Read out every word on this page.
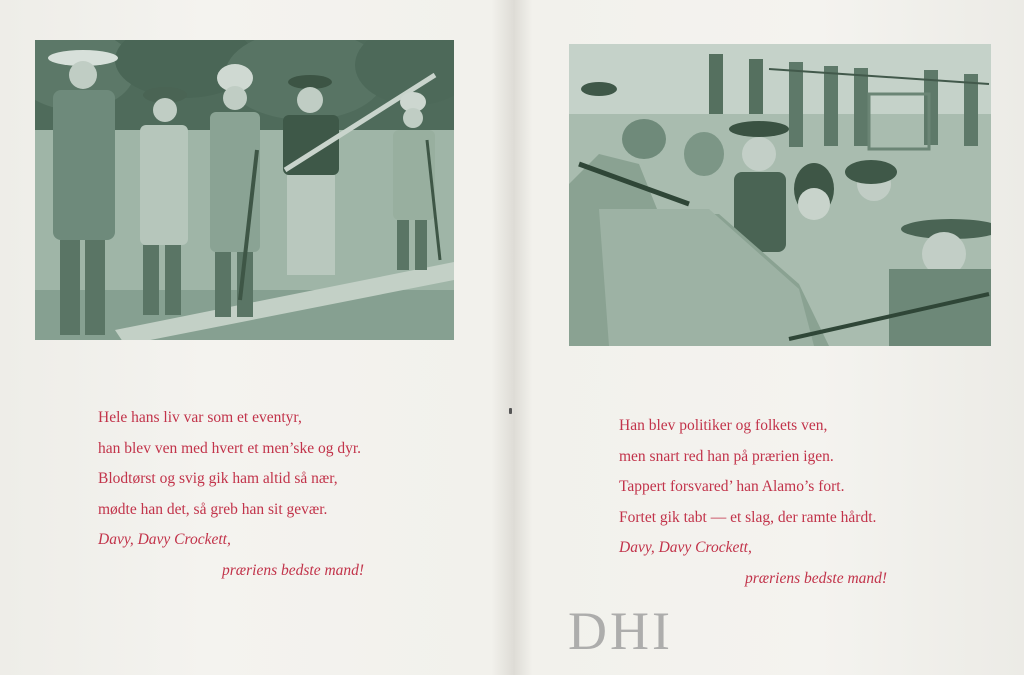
Hele hans liv var som et eventyr,
han blev ven med hvert et men’ske og dyr.
Blodtørst og svig gik ham altid så nær,
mødte han det, så greb han sit gevær.
Davy, Davy Crockett,
præriens bedste mand!
Han blev politiker og folkets ven,
men snart red han på prærien igen.
Tappert forsvared’ han Alamo’s fort.
Fortet gik tabt — et slag, der ramte hårdt.
Davy, Davy Crockett,
præriens bedste mand!
DHI
